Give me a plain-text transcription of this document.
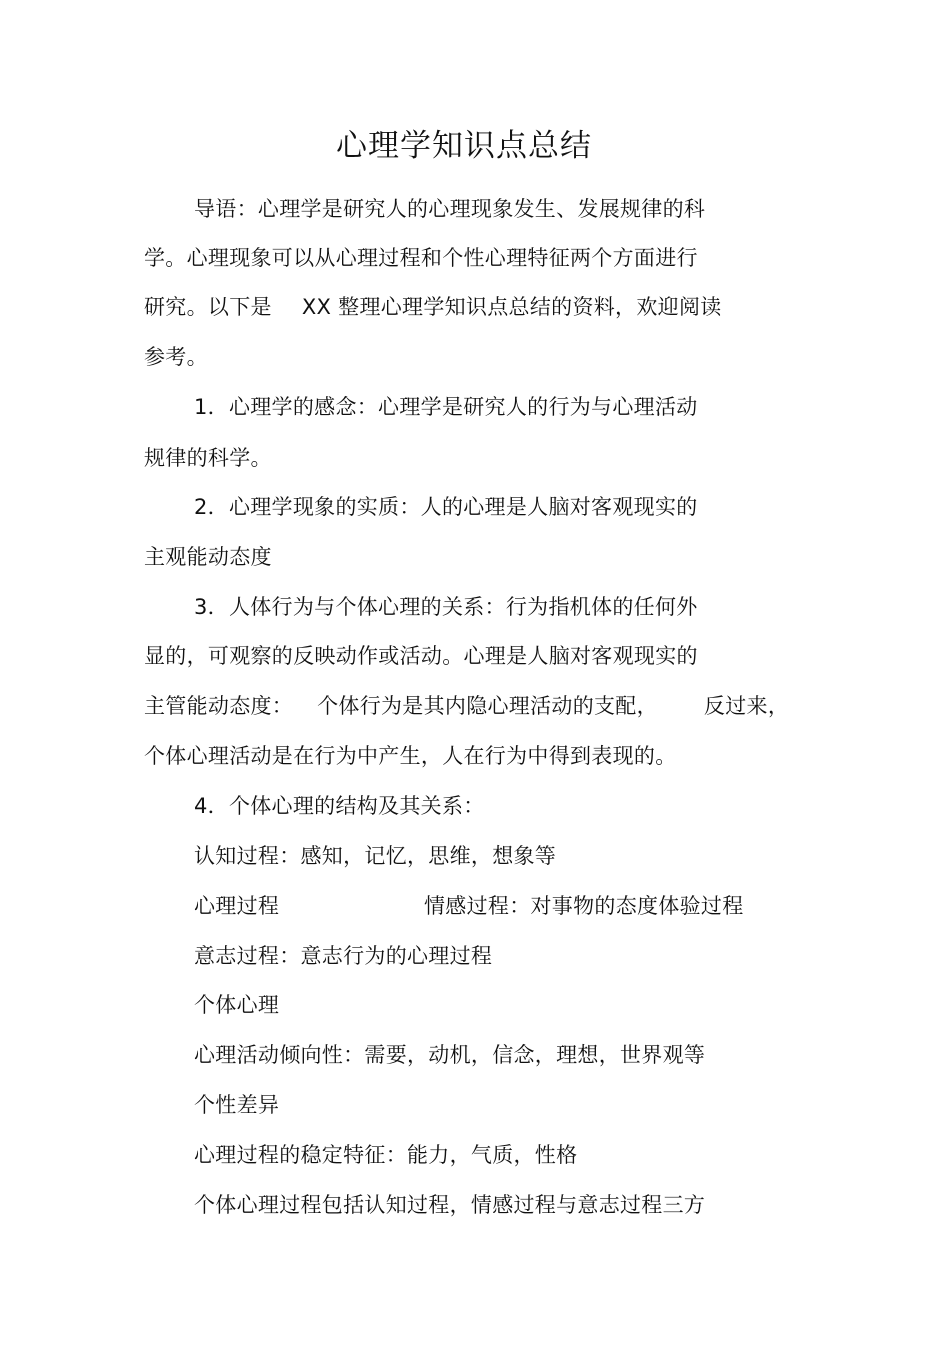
心理学知识点总结
导语：心理学是研究人的心理现象发生、发展规律的科
学。心理现象可以从心理过程和个性心理特征两个方面进行
研究。以下是 XX 整理心理学知识点总结的资料，欢迎阅读
参考。
1．心理学的感念：心理学是研究人的行为与心理活动
规律的科学。
2．心理学现象的实质：人的心理是人脑对客观现实的
主观能动态度
3．人体行为与个体心理的关系：行为指机体的任何外
显的，可观察的反映动作或活动。心理是人脑对客观现实的
主管能动态度： 个体行为是其内隐心理活动的支配， 反过来，
个体心理活动是在行为中产生，人在行为中得到表现的。
4．个体心理的结构及其关系：
认知过程：感知，记忆，思维，想象等
心理过程	情感过程：对事物的态度体验过程
意志过程：意志行为的心理过程
个体心理
心理活动倾向性：需要，动机，信念，理想，世界观等
个性差异
心理过程的稳定特征：能力，气质，性格
个体心理过程包括认知过程，情感过程与意志过程三方
